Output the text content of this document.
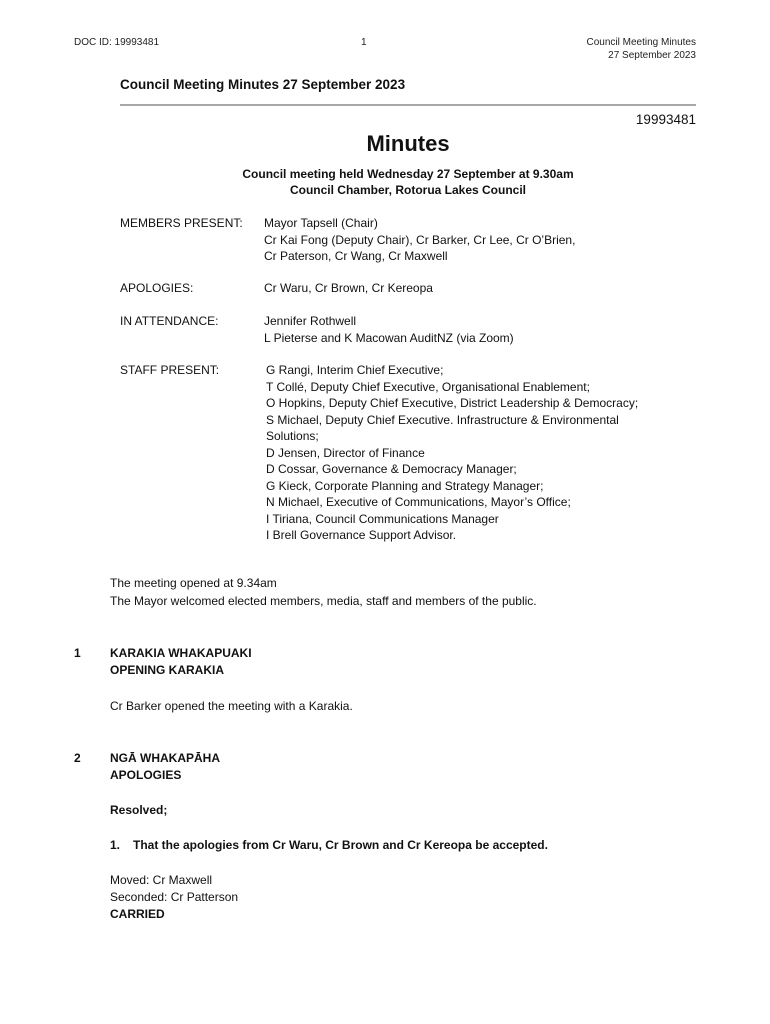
DOC ID: 19993481	1	Council Meeting Minutes
27 September 2023
Council Meeting Minutes 27 September 2023
19993481
Minutes
Council meeting held Wednesday 27 September at 9.30am
Council Chamber, Rotorua Lakes Council
MEMBERS PRESENT: Mayor Tapsell (Chair)
Cr Kai Fong (Deputy Chair), Cr Barker, Cr Lee, Cr O’Brien,
Cr Paterson, Cr Wang, Cr Maxwell
APOLOGIES:	Cr Waru, Cr Brown, Cr Kereopa
IN ATTENDANCE:	Jennifer Rothwell
L Pieterse and K Macowan AuditNZ (via Zoom)
STAFF PRESENT:	G Rangi, Interim Chief Executive;
T Collé, Deputy Chief Executive, Organisational Enablement;
O Hopkins, Deputy Chief Executive, District Leadership & Democracy;
S Michael, Deputy Chief Executive. Infrastructure & Environmental
Solutions;
D Jensen, Director of Finance
D Cossar, Governance & Democracy Manager;
G Kieck, Corporate Planning and Strategy Manager;
N Michael, Executive of Communications, Mayor’s Office;
I Tiriana, Council Communications Manager
I Brell Governance Support Advisor.
The meeting opened at 9.34am
The Mayor welcomed elected members, media, staff and members of the public.
1 KARAKIA WHAKAPUAKI
OPENING KARAKIA
Cr Barker opened the meeting with a Karakia.
2 NGĀ WHAKAPĀHA
APOLOGIES
Resolved;
1. That the apologies from Cr Waru, Cr Brown and Cr Kereopa be accepted.
Moved: Cr Maxwell
Seconded: Cr Patterson
CARRIED
